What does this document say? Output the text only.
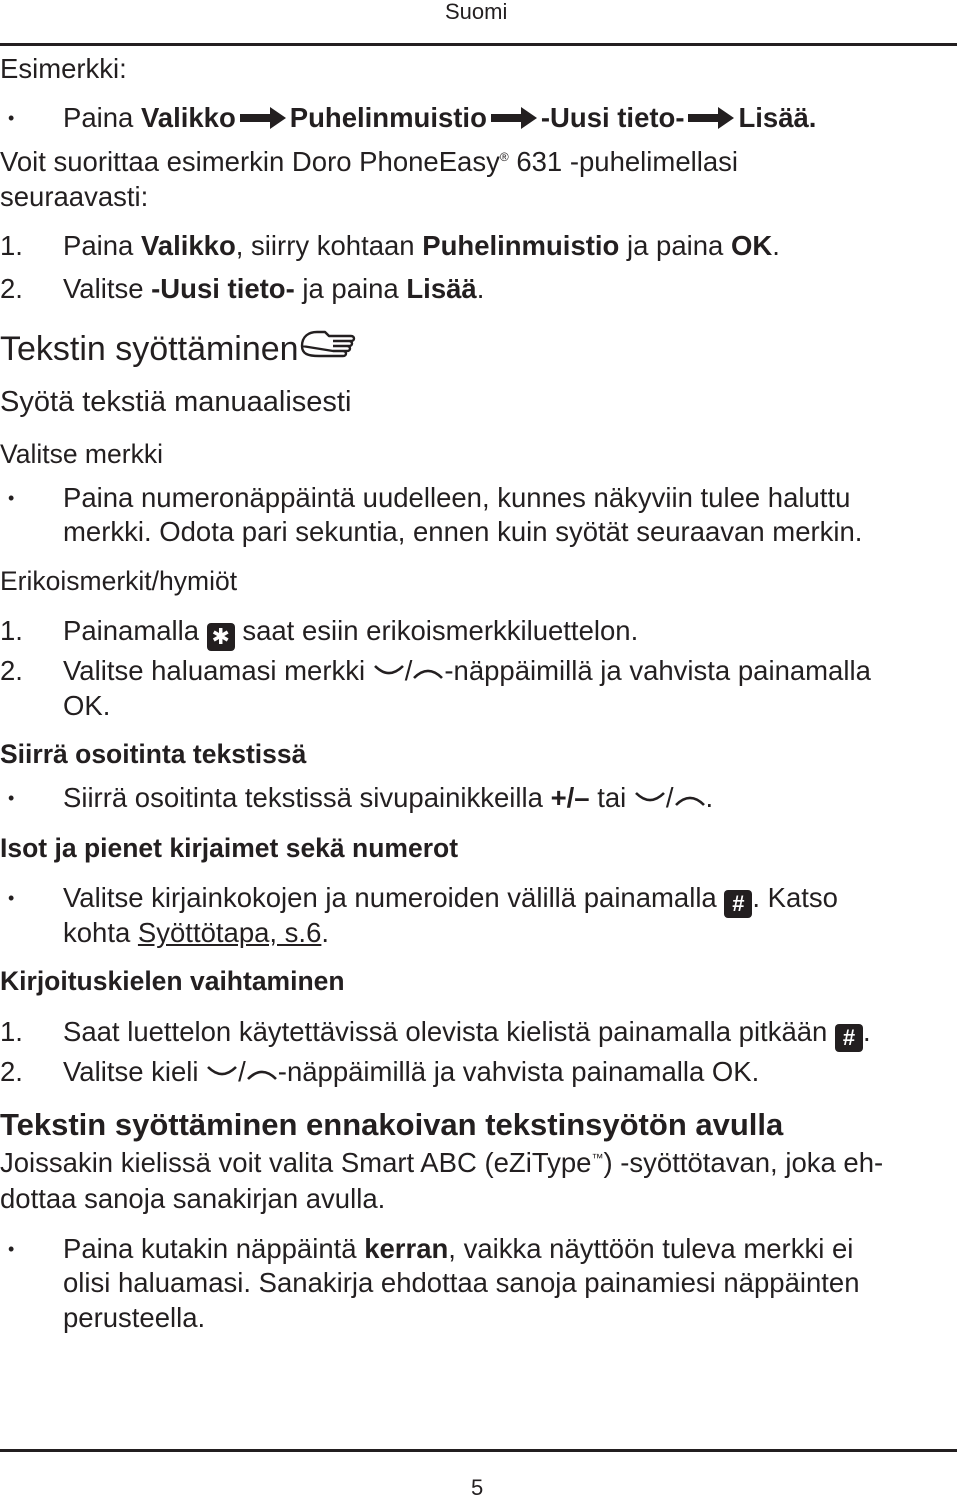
Suomi
Esimerkki:
• Paina Valikko Puhelinmuistio -Uusi tieto- Lisää.
Voit suorittaa esimerkin Doro PhoneEasy® 631 -puhelimellasi
seuraavasti:
1. Paina Valikko, siirry kohtaan Puhelinmuistio ja paina OK.
2. Valitse -Uusi tieto- ja paina Lisää.
Tekstin syöttäminen
Syötä tekstiä manuaalisesti
Valitse merkki
• Paina numeronäppäintä uudelleen, kunnes näkyviin tulee haluttu
merkki. Odota pari sekuntia, ennen kuin syötät seuraavan merkin.
Erikoismerkit/hymiöt
1. Painamalla ✱ saat esiin erikoismerkkiluettelon.
2. Valitse haluamasi merkki / -näppäimillä ja vahvista painamalla
OK.
Siirrä osoitinta tekstissä
• Siirrä osoitinta tekstissä sivupainikkeilla +/– tai / .
Isot ja pienet kirjaimet sekä numerot
• Valitse kirjainkokojen ja numeroiden välillä painamalla # . Katso
kohta Syöttötapa, s.6.
Kirjoituskielen vaihtaminen
1. Saat luettelon käytettävissä olevista kielistä painamalla pitkään # .
2. Valitse kieli / -näppäimillä ja vahvista painamalla OK.
Tekstin syöttäminen ennakoivan tekstinsyötön avulla
Joissakin kielissä voit valita Smart ABC (eZiType™) -syöttötavan, joka eh-
dottaa sanoja sanakirjan avulla.
• Paina kutakin näppäintä kerran, vaikka näyttöön tuleva merkki ei
olisi haluamasi. Sanakirja ehdottaa sanoja painamiesi näppäinten
perusteella.
5
